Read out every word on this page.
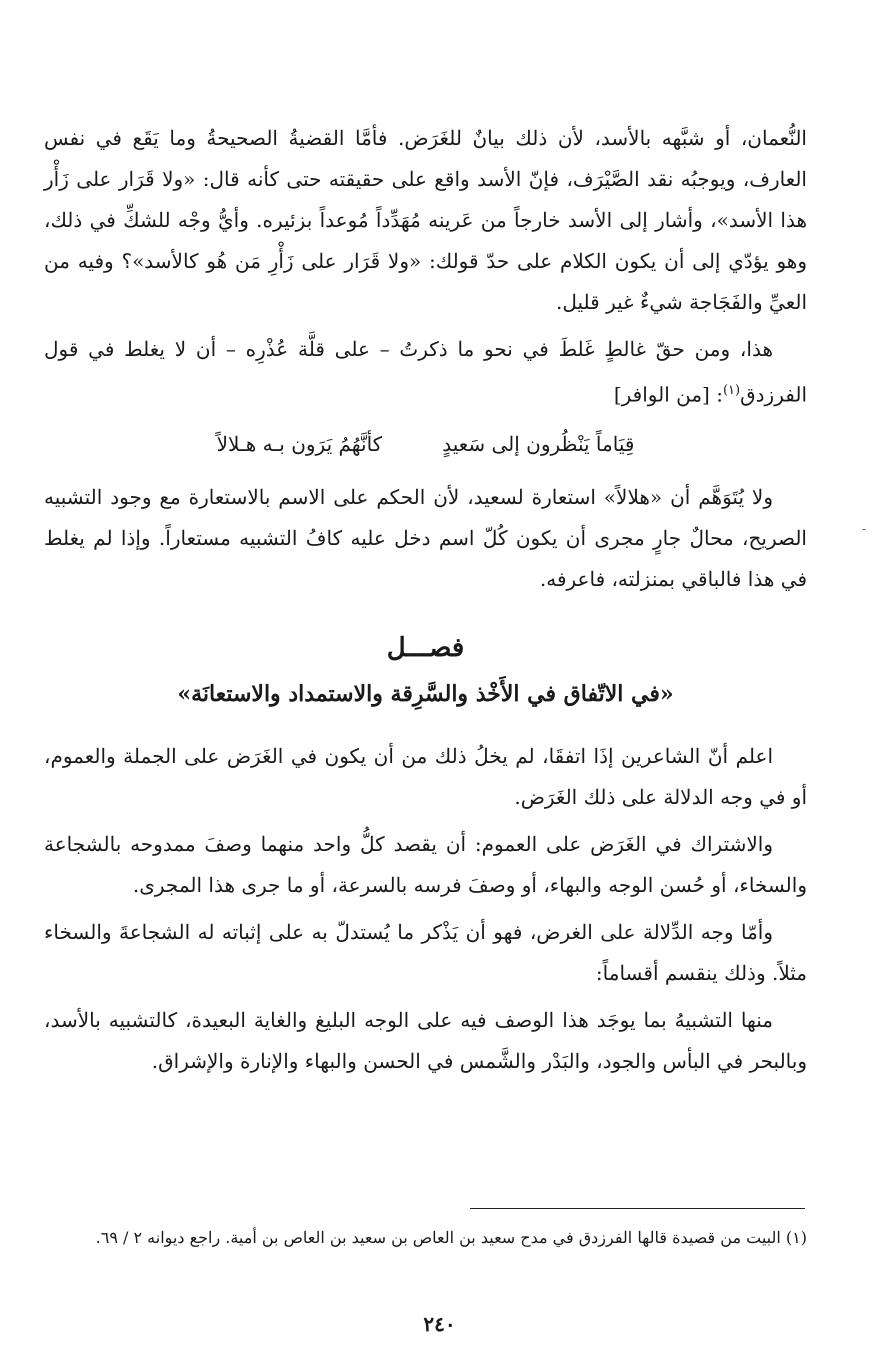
النُّعمان، أو شبَّهه بالأسد، لأن ذلك بيانٌ للغَرَض. فأمَّا القضيةُ الصحيحةُ وما يَقَع في نفس العارف، ويوجبُه نقد الصَّيْرَف، فإنّ الأسد واقع على حقيقته حتى كأنه قال: «ولا قَرَار على زَأْر هذا الأسد»، وأشار إلى الأسد خارجاً من عَرينه مُهَدِّداً مُوعداً بزئيره. وأيُّ وجْه للشكِّ في ذلك، وهو يؤدّي إلى أن يكون الكلام على حدّ قولك: «ولا قَرَار على زَأْرِ مَن هُو كالأسد»؟ وفيه من العيِّ والفَجَاجة شيءٌ غير قليل.

هذا، ومن حقّ غالطٍ غَلطَ في نحو ما ذكرتُ – على قلَّة عُذْرِه – أن لا يغلط في قول الفرزدق$^{(١)}$: [من الوافر]

قِيَاماً يَنْظُرون إلى سَعيدٍ
كأنَّهُمُ يَرَون بـه هـلالاً

ولا يُتَوَهَّم أن «هلالاً» استعارة لسعيد، لأن الحكم على الاسم بالاستعارة مع وجود التشبيه الصريح، محالٌ جارٍ مجرى أن يكون كُلّ اسم دخل عليه كافُ التشبيه مستعاراً. وإذا لم يغلط في هذا فالباقي بمنزلته، فاعرفه.

فصـــل
«في الاتّفاق في الأَخْذ والسَّرِقة والاستمداد والاستعانَة»

اعلم أنّ الشاعرين إذَا اتفقَا، لم يخلُ ذلك من أن يكون في الغَرَض على الجملة والعموم، أو في وجه الدلالة على ذلك الغَرَض.

والاشتراك في الغَرَض على العموم: أن يقصد كلُّ واحد منهما وصفَ ممدوحه بالشجاعة والسخاء، أو حُسن الوجه والبهاء، أو وصفَ فرسه بالسرعة، أو ما جرى هذا المجرى.

وأمّا وجه الدِّلالة على الغرض، فهو أن يَذْكر ما يُستدلّ به على إثباته له الشجاعةَ والسخاء مثلاً. وذلك ينقسم أقساماً:

منها التشبيهُ بما يوجَد هذا الوصف فيه على الوجه البليغ والغاية البعيدة، كالتشبيه بالأسد، وبالبحر في البأس والجود، والبَدْر والشَّمس في الحسن والبهاء والإنارة والإشراق.

(١) البيت من قصيدة قالها الفرزدق في مدح سعيد بن العاص بن سعيد بن العاص بن أمية. راجع ديوانه ٢ / ٦٩.
٢٤٠
-
